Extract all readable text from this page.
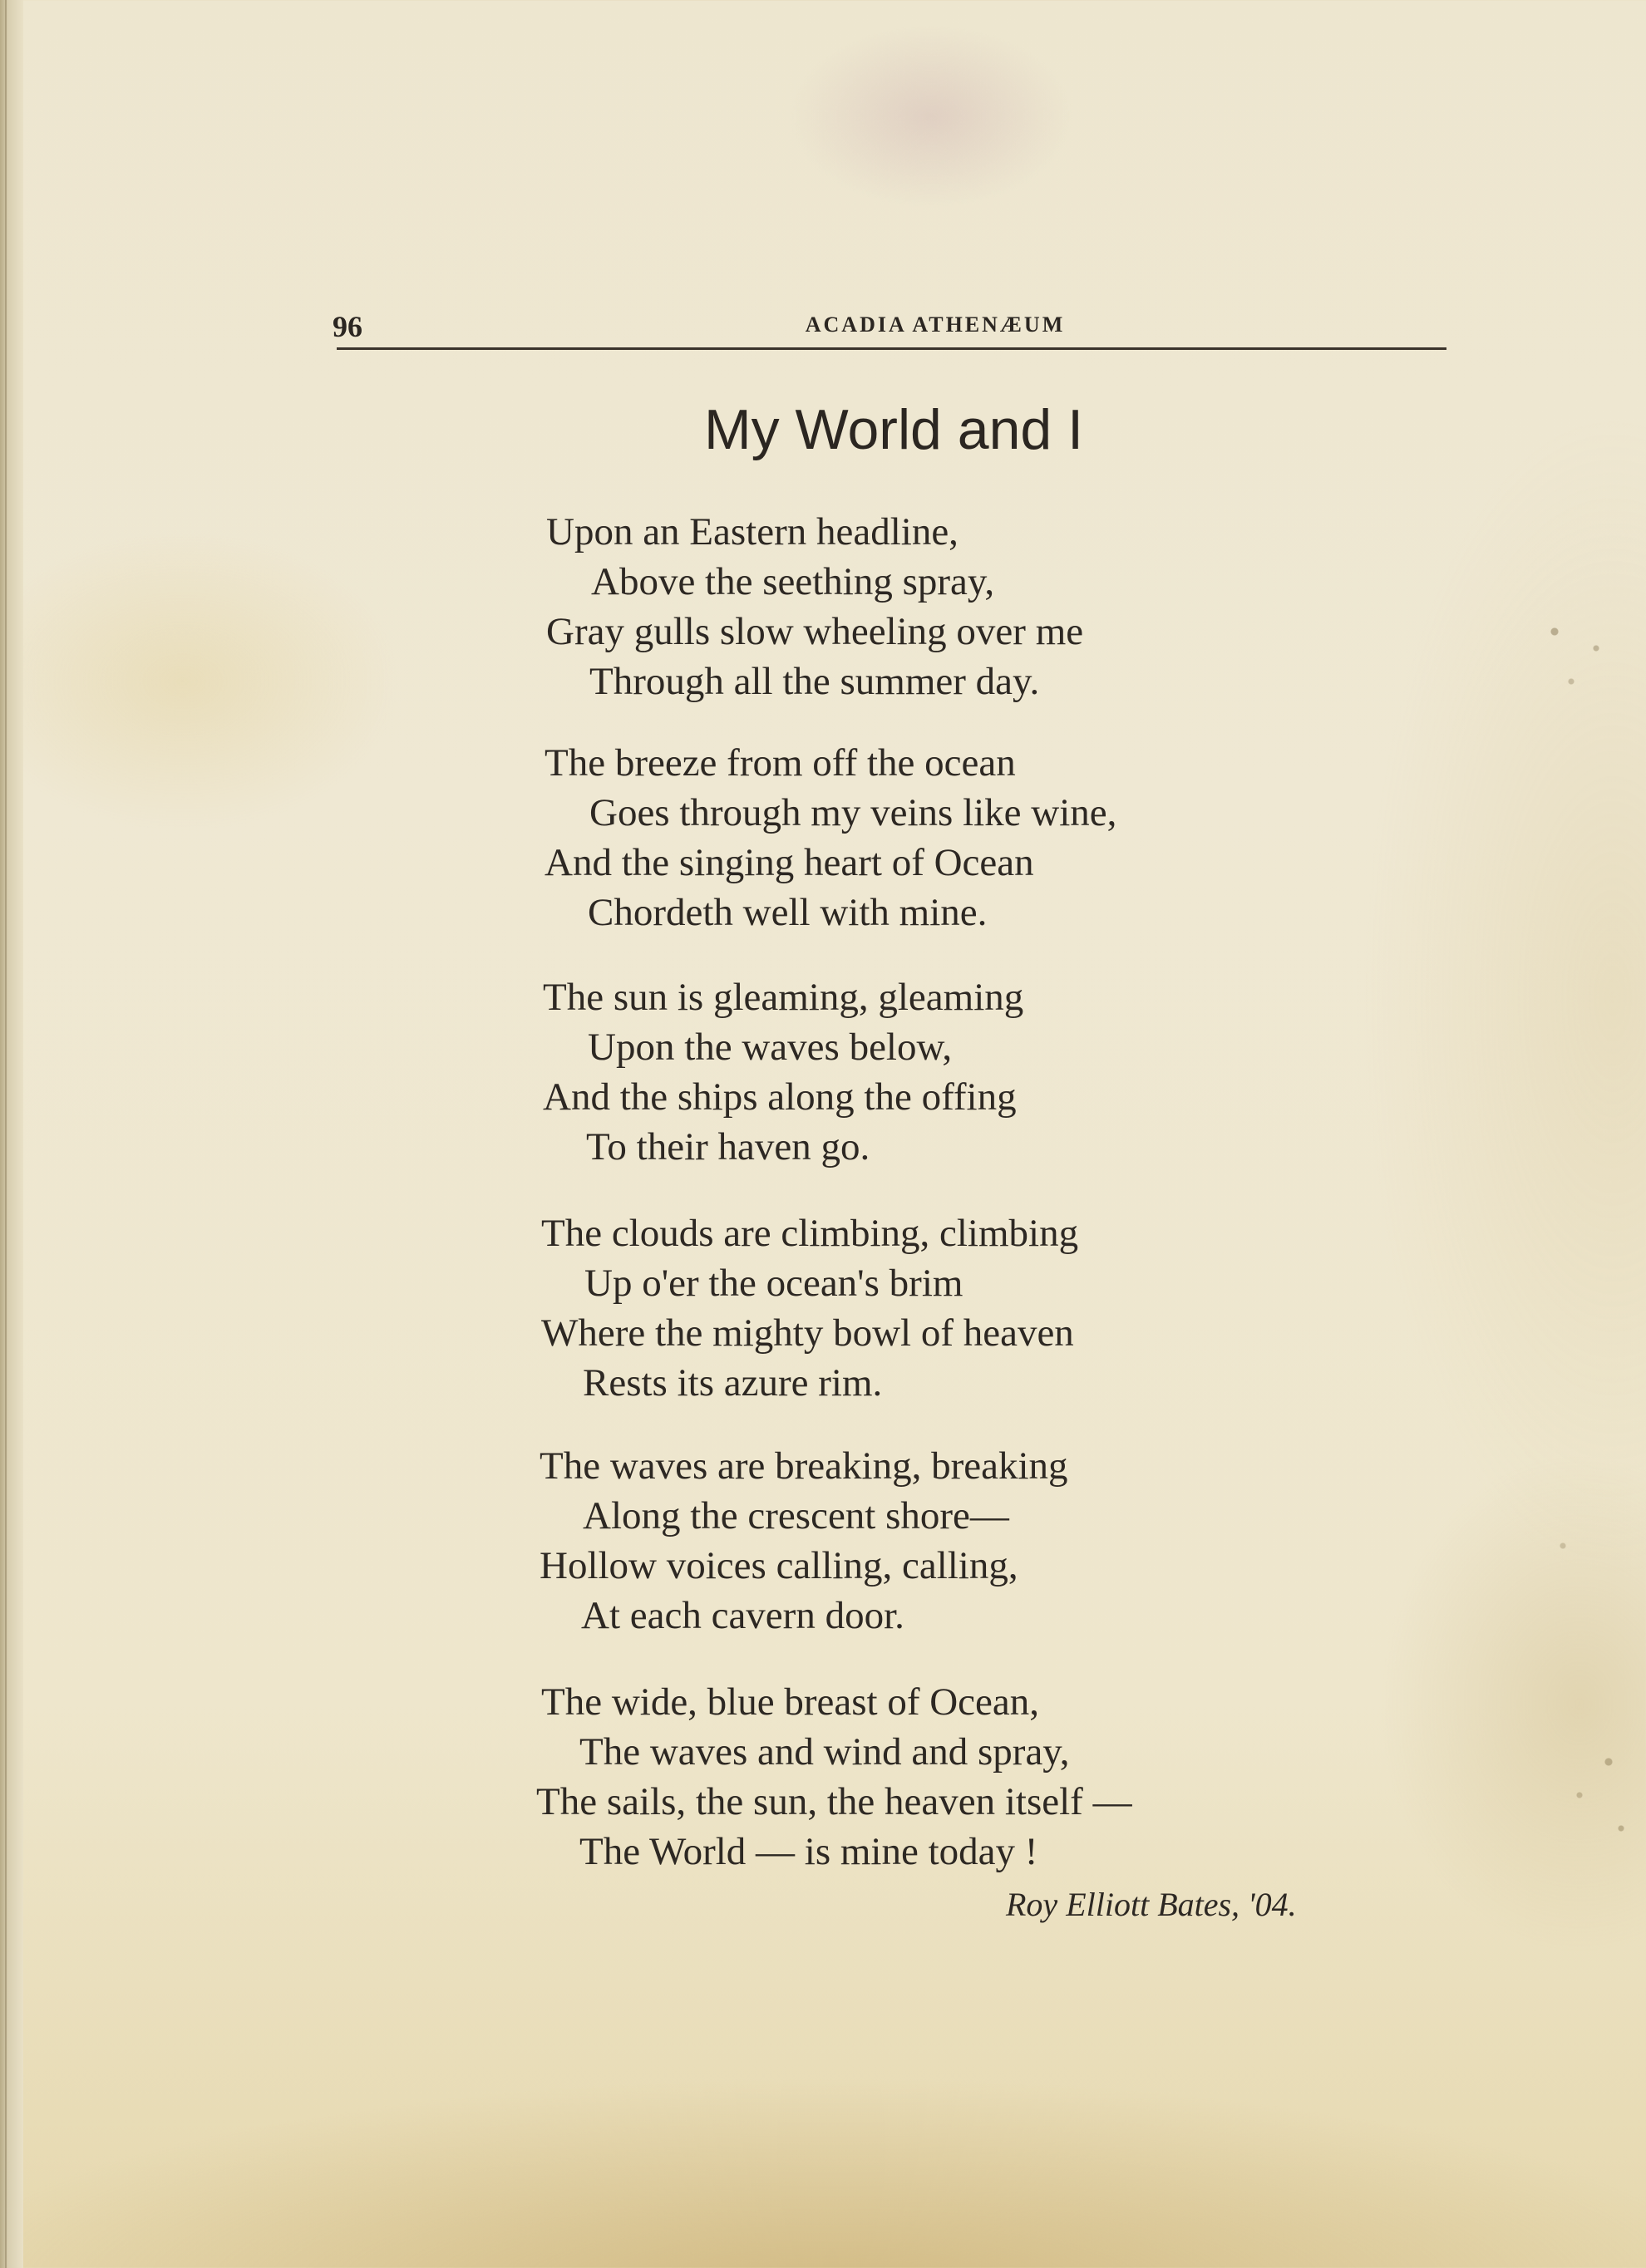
96	ACADIA ATHENÆUM
My World and I
Upon an Eastern headline,
Above the seething spray,
Gray gulls slow wheeling over me
Through all the summer day.
The breeze from off the ocean
Goes through my veins like wine,
And the singing heart of Ocean
Chordeth well with mine.
The sun is gleaming, gleaming
Upon the waves below,
And the ships along the offing
To their haven go.
The clouds are climbing, climbing
Up o'er the ocean's brim
Where the mighty bowl of heaven
Rests its azure rim.
The waves are breaking, breaking
Along the crescent shore—
Hollow voices calling, calling,
At each cavern door.
The wide, blue breast of Ocean,
The waves and wind and spray,
The sails, the sun, the heaven itself —
The World — is mine today !
Roy Elliott Bates, '04.
